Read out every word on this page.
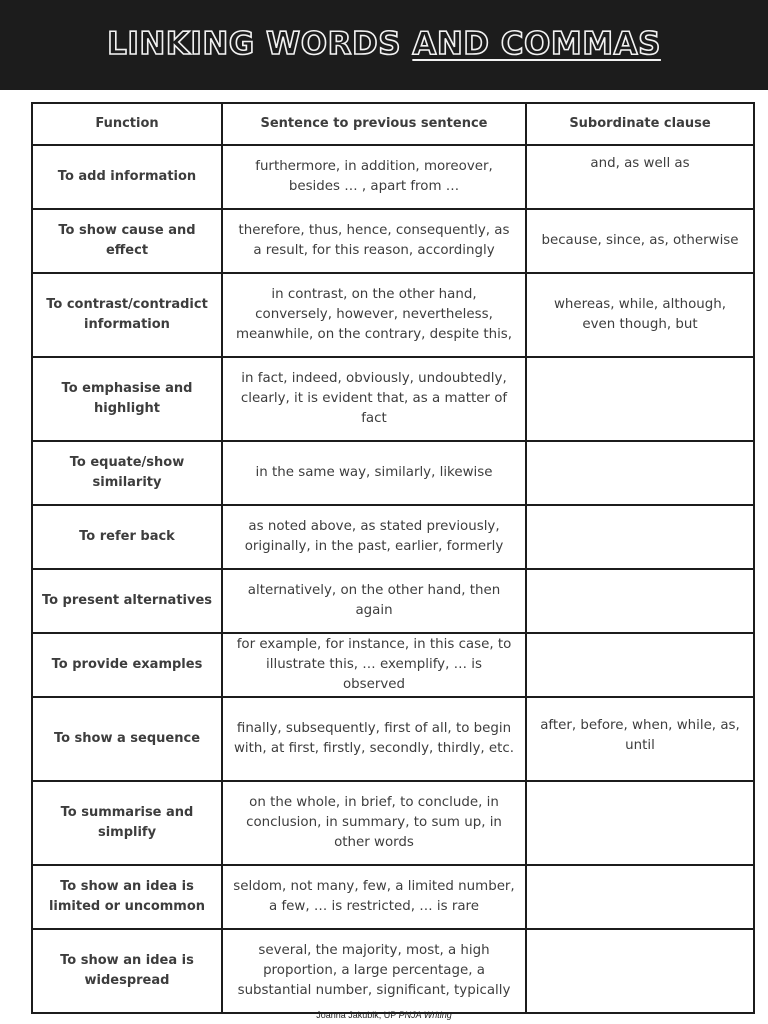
LINKING WORDS AND COMMAS
Function	Sentence to previous sentence	Subordinate clause
To add information	furthermore, in addition, moreover, besides … , apart from …	and, as well as
To show cause and effect	therefore, thus, hence, consequently, as a result, for this reason, accordingly	because, since, as, otherwise
To contrast/contradict information	in contrast, on the other hand, conversely, however, nevertheless, meanwhile, on the contrary, despite this,	whereas, while, although, even though, but
To emphasise and highlight	in fact, indeed, obviously, undoubtedly, clearly, it is evident that, as a matter of fact	
To equate/show similarity	in the same way, similarly, likewise	
To refer back	as noted above, as stated previously, originally, in the past, earlier, formerly	
To present alternatives	alternatively, on the other hand, then again	
To provide examples	for example, for instance, in this case, to illustrate this, … exemplify, … is observed	
To show a sequence	finally, subsequently, first of all, to begin with, at first, firstly, secondly, thirdly, etc.	after, before, when, while, as, until
To summarise and simplify	on the whole, in brief, to conclude, in conclusion, in summary, to sum up, in other words	
To show an idea is limited or uncommon	seldom, not many, few, a limited number, a few, … is restricted, … is rare	
To show an idea is widespread	several, the majority, most, a high proportion, a large percentage, a substantial number, significant, typically	
Joanna Jakubik, UP PNJA Writing
